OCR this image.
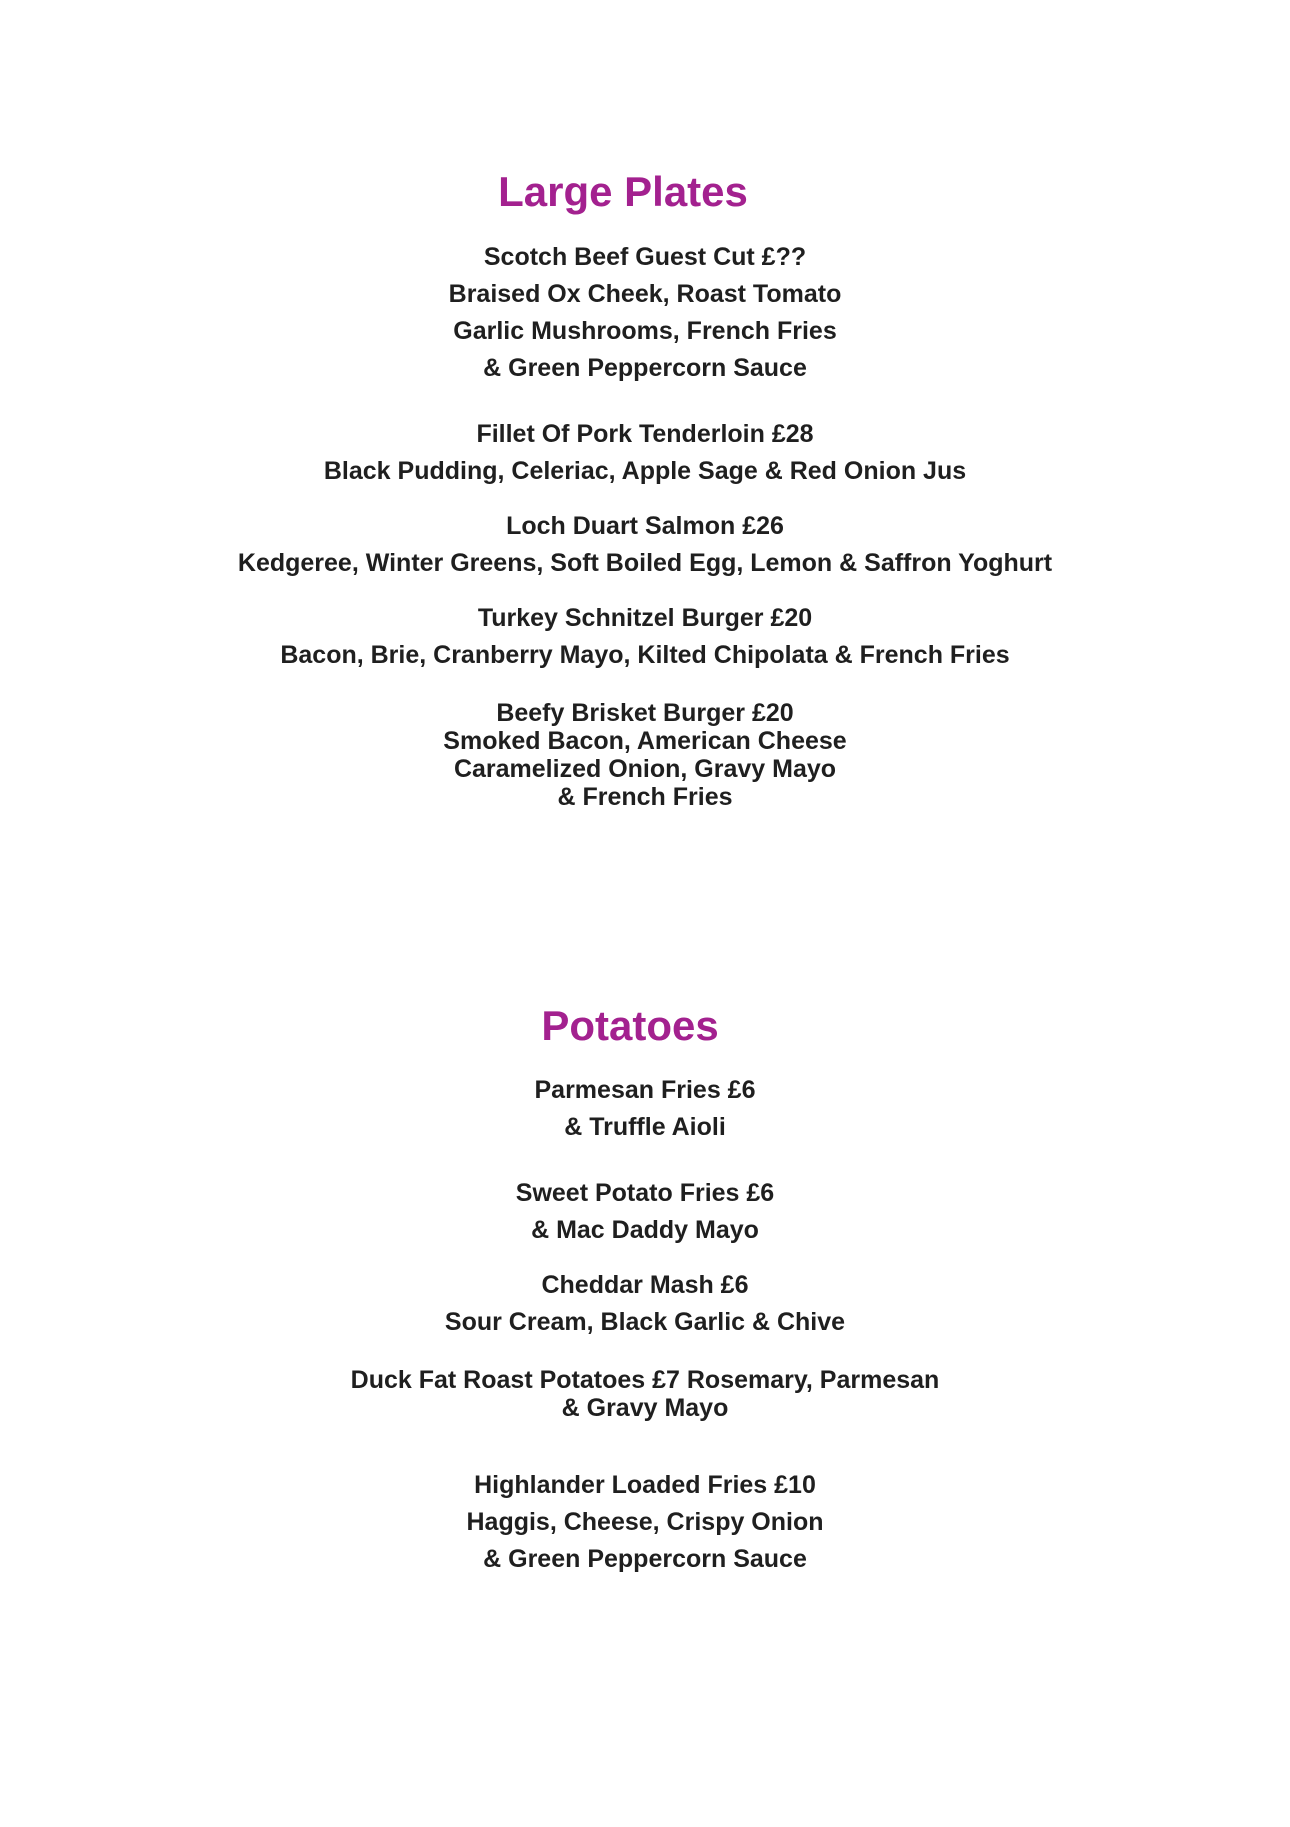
Large Plates
Scotch Beef Guest Cut £??
Braised Ox Cheek, Roast Tomato
Garlic Mushrooms, French Fries
& Green Peppercorn Sauce
Fillet Of Pork Tenderloin £28
Black Pudding, Celeriac, Apple Sage & Red Onion Jus
Loch Duart Salmon £26
Kedgeree, Winter Greens, Soft Boiled Egg, Lemon & Saffron Yoghurt
Turkey Schnitzel Burger £20
Bacon, Brie, Cranberry Mayo, Kilted Chipolata & French Fries
Beefy Brisket Burger £20
Smoked Bacon, American Cheese
Caramelized Onion, Gravy Mayo
& French Fries
Potatoes
Parmesan Fries £6
& Truffle Aioli
Sweet Potato Fries £6
& Mac Daddy Mayo
Cheddar Mash £6
Sour Cream, Black Garlic & Chive
Duck Fat Roast Potatoes £7 Rosemary, Parmesan
& Gravy Mayo
Highlander Loaded Fries £10
Haggis, Cheese, Crispy Onion
& Green Peppercorn Sauce
